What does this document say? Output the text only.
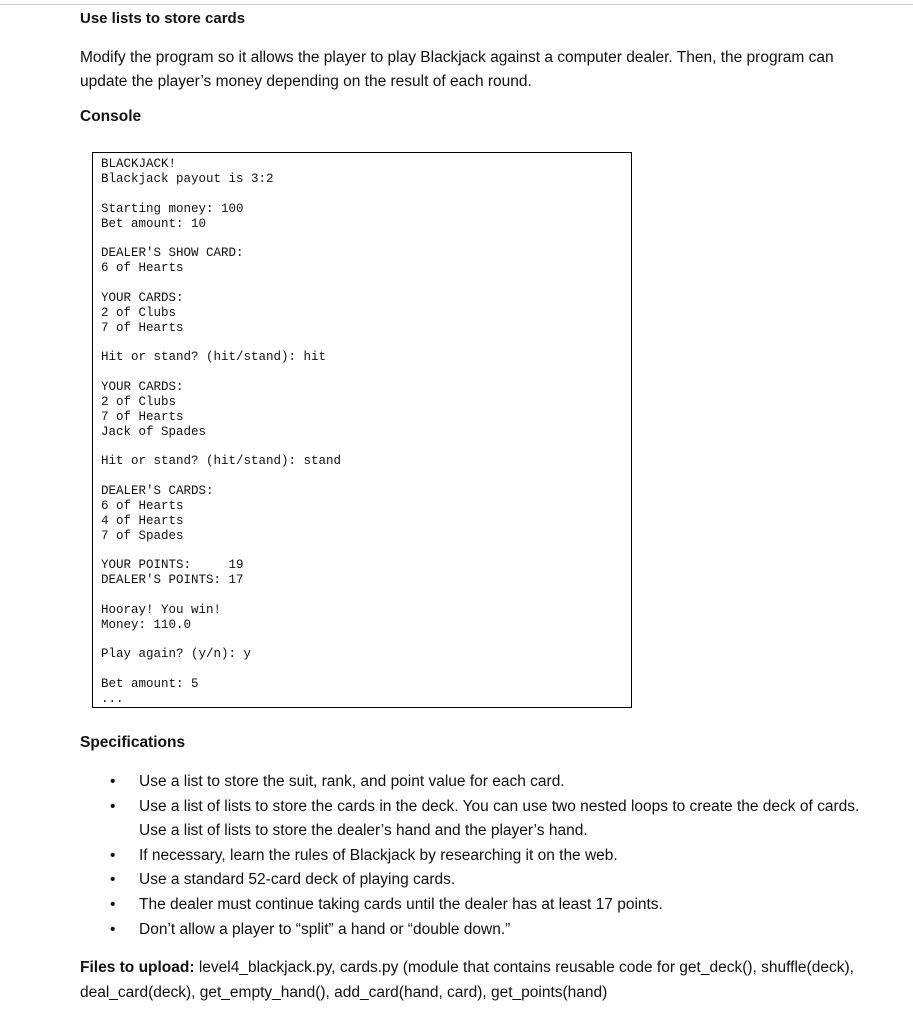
Use lists to store cards
Modify the program so it allows the player to play Blackjack against a computer dealer. Then, the program can update the player’s money depending on the result of each round.
Console
BLACKJACK!
Blackjack payout is 3:2
Starting money: 100
Bet amount: 10
DEALER'S SHOW CARD:
6 of Hearts
YOUR CARDS:
2 of Clubs
7 of Hearts
Hit or stand? (hit/stand): hit
YOUR CARDS:
2 of Clubs
7 of Hearts
Jack of Spades
Hit or stand? (hit/stand): stand
DEALER'S CARDS:
6 of Hearts
4 of Hearts
7 of Spades
YOUR POINTS:     19
DEALER'S POINTS: 17
Hooray! You win!
Money: 110.0
Play again? (y/n): y
Bet amount: 5
...
Specifications
• Use a list to store the suit, rank, and point value for each card.
• Use a list of lists to store the cards in the deck. You can use two nested loops to create the deck of cards. Use a list of lists to store the dealer’s hand and the player’s hand.
• If necessary, learn the rules of Blackjack by researching it on the web.
• Use a standard 52-card deck of playing cards.
• The dealer must continue taking cards until the dealer has at least 17 points.
• Don’t allow a player to “split” a hand or “double down.”
Files to upload: level4_blackjack.py, cards.py (module that contains reusable code for get_deck(), shuffle(deck), deal_card(deck), get_empty_hand(), add_card(hand, card), get_points(hand)
